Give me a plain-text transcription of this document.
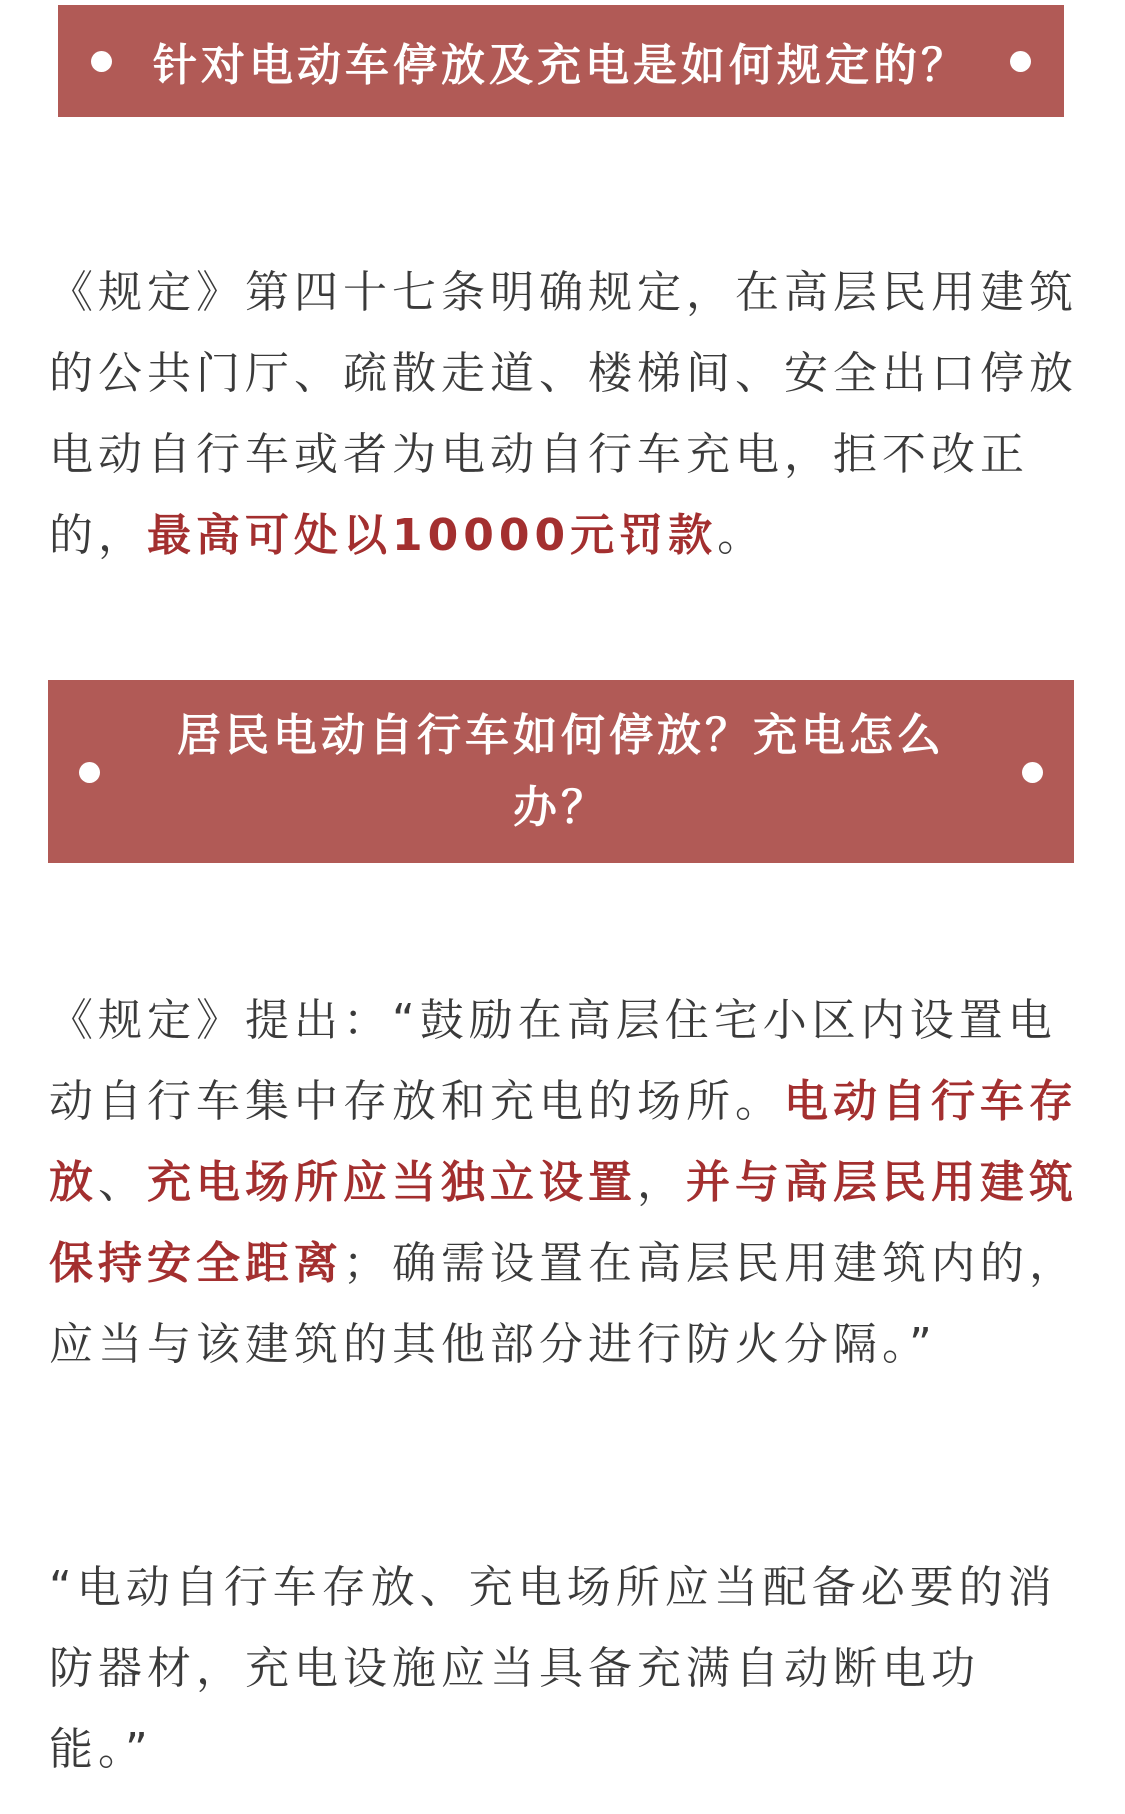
针对电动车停放及充电是如何规定的？

《规定》第四十七条明确规定，在高层民用建筑的公共门厅、疏散走道、楼梯间、安全出口停放电动自行车或者为电动自行车充电，拒不改正的，最高可处以10000元罚款。

居民电动自行车如何停放？充电怎么办？

《规定》提出：“鼓励在高层住宅小区内设置电动自行车集中存放和充电的场所。电动自行车存放、充电场所应当独立设置，并与高层民用建筑保持安全距离；确需设置在高层民用建筑内的，应当与该建筑的其他部分进行防火分隔。”

“电动自行车存放、充电场所应当配备必要的消防器材，充电设施应当具备充满自动断电功能。”
